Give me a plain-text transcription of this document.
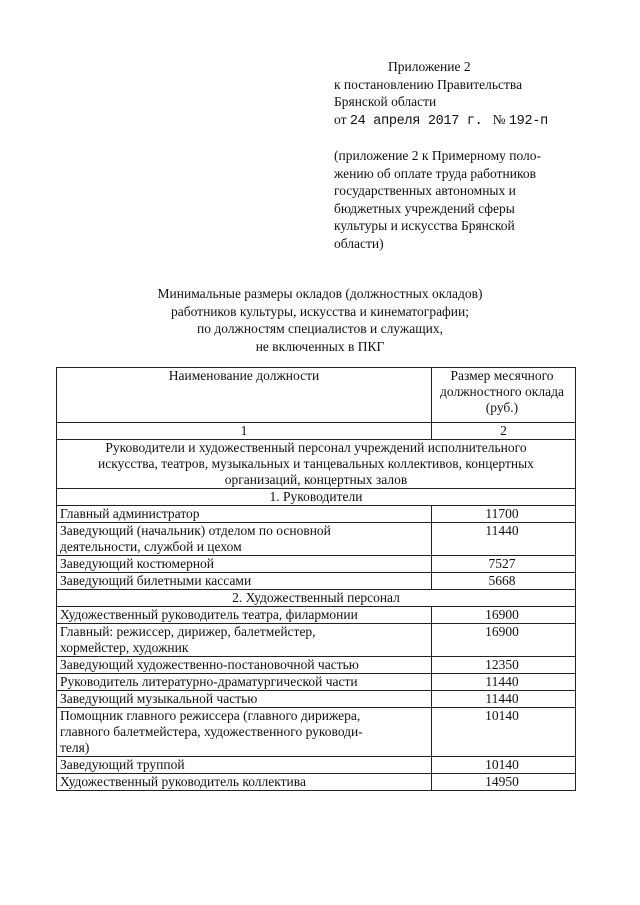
Приложение 2
к постановлению Правительства
Брянской области
от 24 апреля 2017 г. № 192-п
(приложение 2 к Примерному поло-
жению об оплате труда работников
государственных автономных и
бюджетных учреждений сферы
культуры и искусства Брянской
области)
Минимальные размеры окладов (должностных окладов)
работников культуры, искусства и кинематографии;
по должностям специалистов и служащих,
не включенных в ПКГ
Наименование должности	Размер месячного
должностного оклада
(руб.)

1	2

Руководители и художественный персонал учреждений исполнительного
искусства, театров, музыкальных и танцевальных коллективов, концертных
организаций, концертных залов	

1. Руководители	

Главный администратор	11700

Заведующий (начальник) отделом по основной
деятельности, службой и цехом	11440

Заведующий костюмерной	7527

Заведующий билетными кассами	5668
2. Художественный персонал	

Художественный руководитель театра, филармонии	16900

Главный: режиссер, дирижер, балетмейстер,
хормейстер, художник	16900

Заведующий художественно-постановочной частью	12350

Руководитель литературно-драматургической части	11440

Заведующий музыкальной частью	11440

Помощник главного режиссера (главного дирижера,
главного балетмейстера, художественного руководи-
теля)	10140

Заведующий труппой	10140

Художественный руководитель коллектива	14950
